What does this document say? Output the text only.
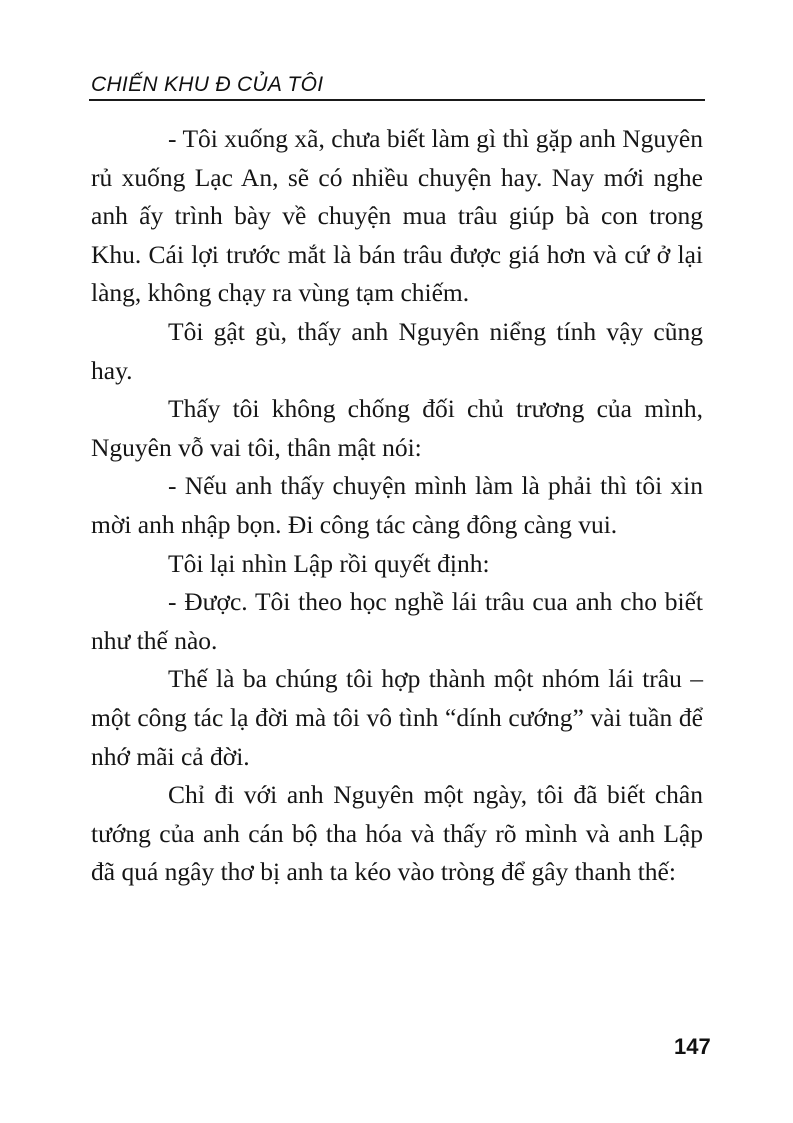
CHIẾN KHU Đ CỦA TÔI

- Tôi xuống xã, chưa biết làm gì thì gặp anh Nguyên rủ xuống Lạc An, sẽ có nhiều chuyện hay. Nay mới nghe anh ấy trình bày về chuyện mua trâu giúp bà con trong Khu. Cái lợi trước mắt là bán trâu được giá hơn và cứ ở lại làng, không chạy ra vùng tạm chiếm.

Tôi gật gù, thấy anh Nguyên niểng tính vậy cũng hay.

Thấy tôi không chống đối chủ trương của mình, Nguyên vỗ vai tôi, thân mật nói:

- Nếu anh thấy chuyện mình làm là phải thì tôi xin mời anh nhập bọn. Đi công tác càng đông càng vui.

Tôi lại nhìn Lập rồi quyết định:

- Được. Tôi theo học nghề lái trâu cua anh cho biết như thế nào.

Thế là ba chúng tôi hợp thành một nhóm lái trâu – một công tác lạ đời mà tôi vô tình “dính cướng” vài tuần để nhớ mãi cả đời.

Chỉ đi với anh Nguyên một ngày, tôi đã biết chân tướng của anh cán bộ tha hóa và thấy rõ mình và anh Lập đã quá ngây thơ bị anh ta kéo vào tròng để gây thanh thế:

147
